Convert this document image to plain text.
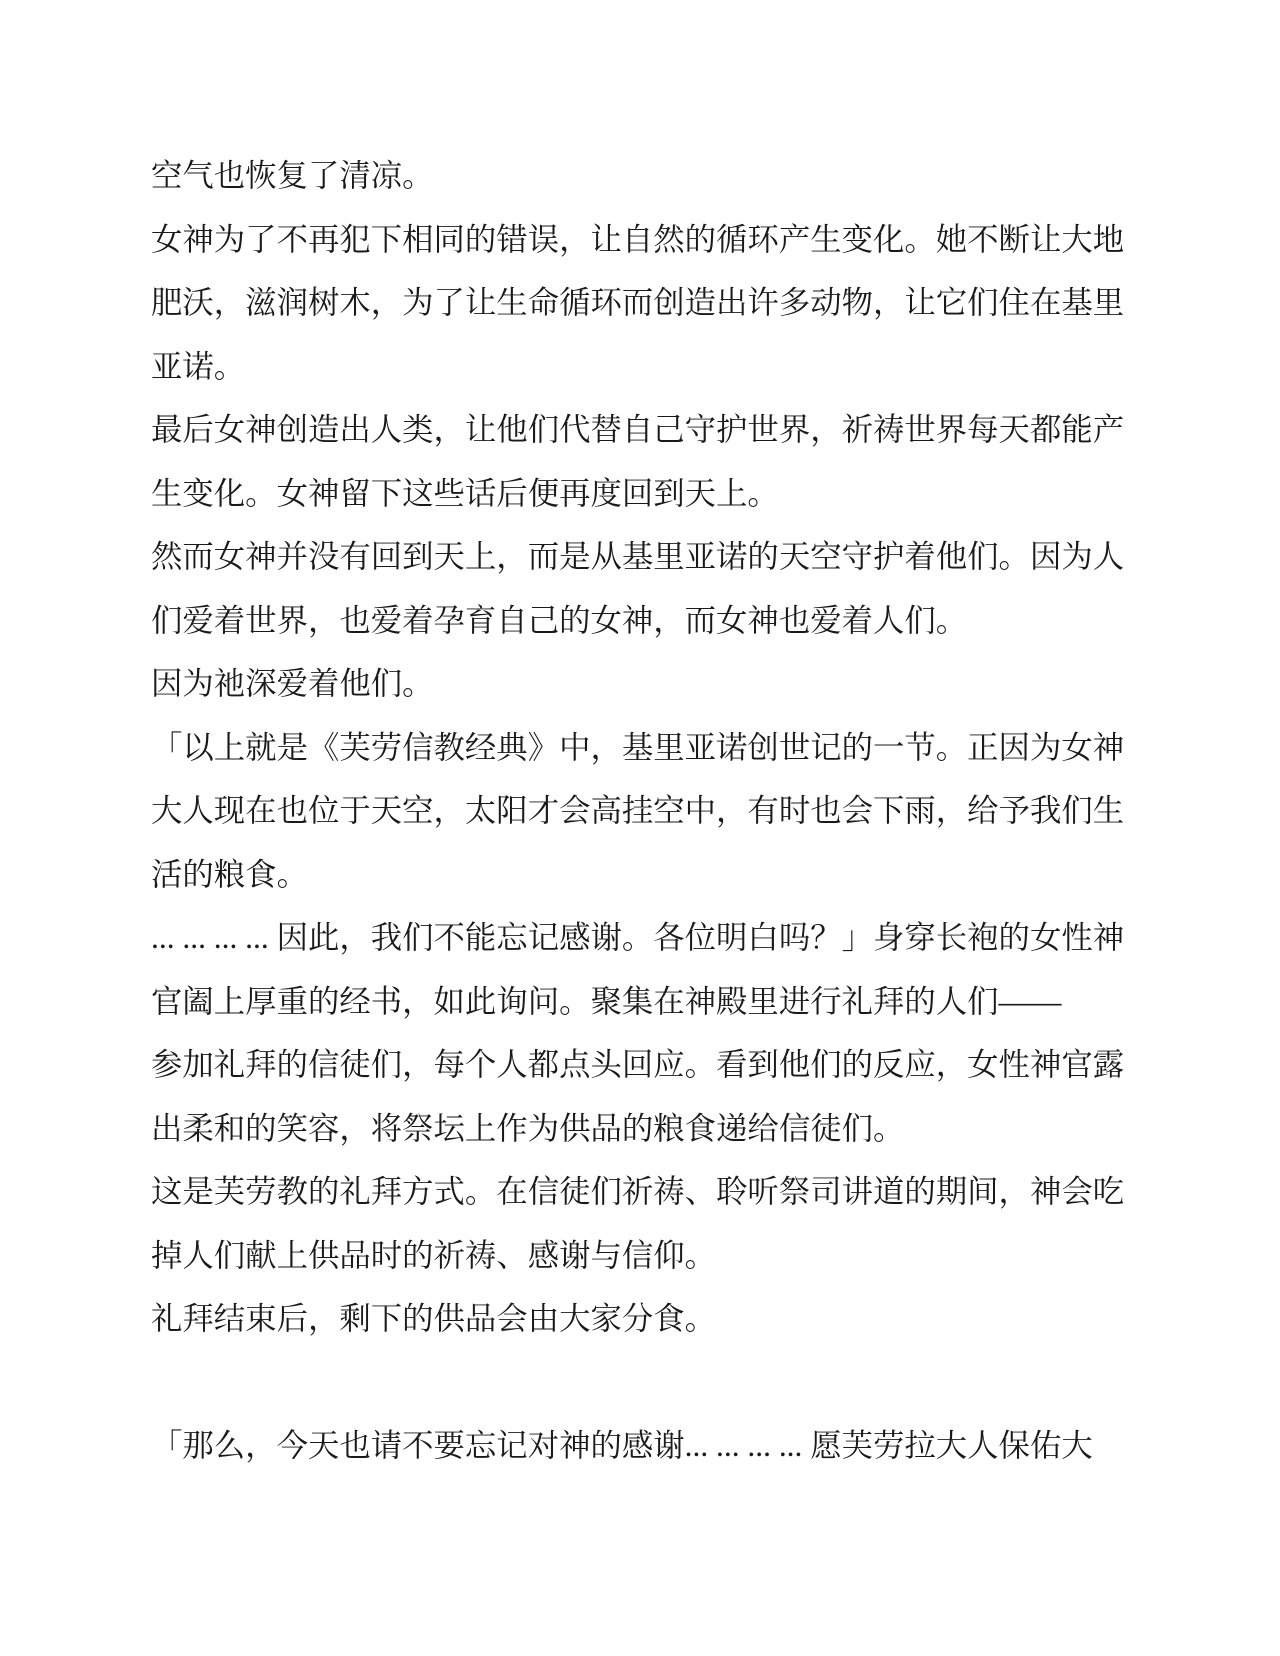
空气也恢复了清凉。
女神为了不再犯下相同的错误，让自然的循环产生变化。她不断让大地
肥沃，滋润树木，为了让生命循环而创造出许多动物，让它们住在基里
亚诺。
最后女神创造出人类，让他们代替自己守护世界，祈祷世界每天都能产
生变化。女神留下这些话后便再度回到天上。
然而女神并没有回到天上，而是从基里亚诺的天空守护着他们。因为人
们爱着世界，也爱着孕育自己的女神，而女神也爱着人们。
因为祂深爱着他们。
「以上就是《芙劳信教经典》中，基里亚诺创世记的一节。正因为女神
大人现在也位于天空，太阳才会高挂空中，有时也会下雨，给予我们生
活的粮食。
... ... ... ... 因此，我们不能忘记感谢。各位明白吗？」身穿长袍的女性神
官阖上厚重的经书，如此询问。聚集在神殿里进行礼拜的人们——
参加礼拜的信徒们，每个人都点头回应。看到他们的反应，女性神官露
出柔和的笑容，将祭坛上作为供品的粮食递给信徒们。
这是芙劳教的礼拜方式。在信徒们祈祷、聆听祭司讲道的期间，神会吃
掉人们献上供品时的祈祷、感谢与信仰。
礼拜结束后，剩下的供品会由大家分食。
「那么，今天也请不要忘记对神的感谢... ... ... ... 愿芙劳拉大人保佑大
